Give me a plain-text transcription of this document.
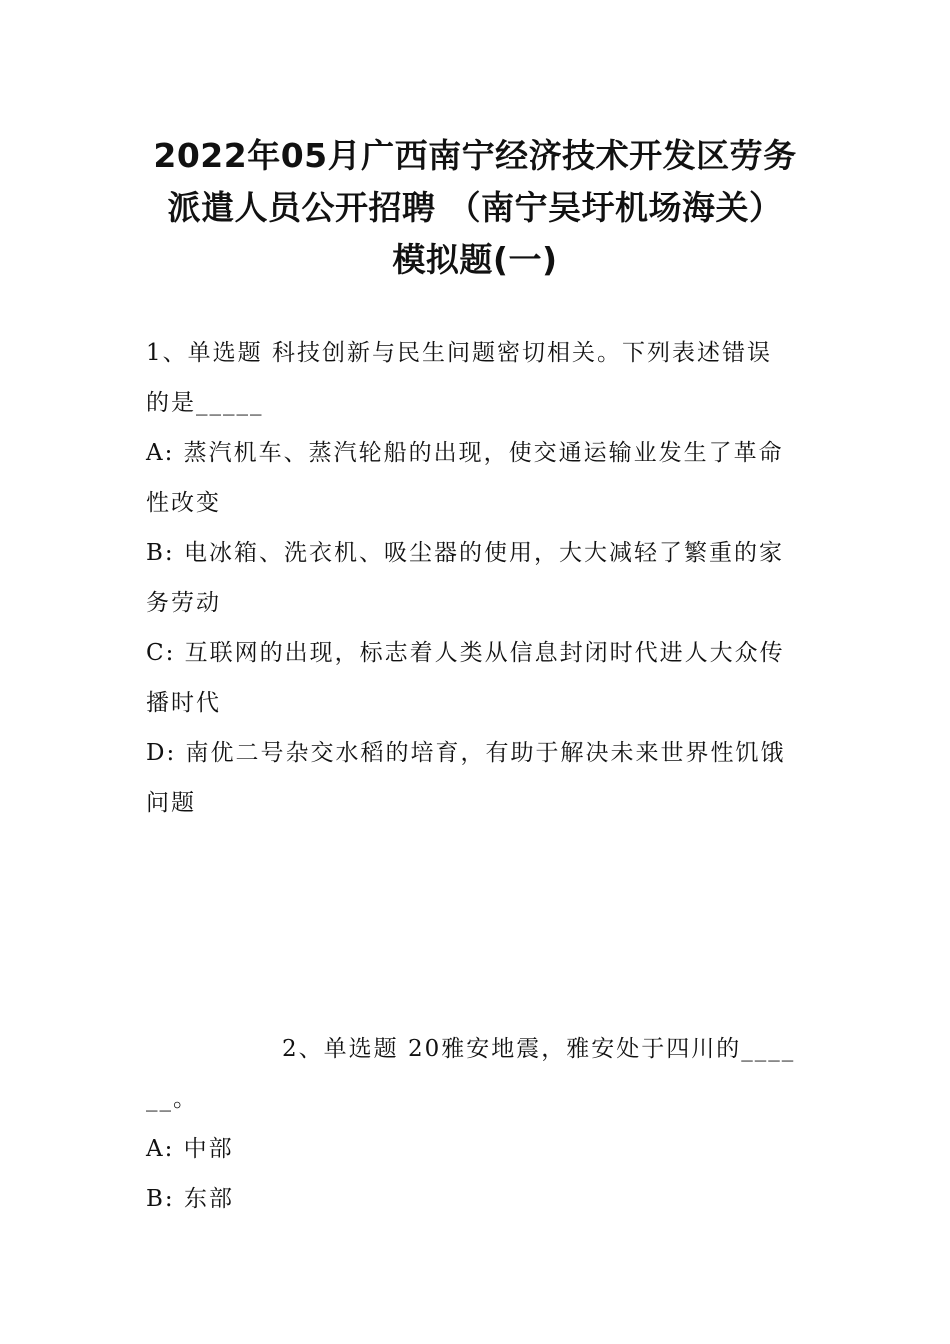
2022年05月广西南宁经济技术开发区劳务
派遣人员公开招聘 （南宁吴圩机场海关）
模拟题(一)
1、单选题 科技创新与民生问题密切相关。下列表述错误
的是_____
A: 蒸汽机车、蒸汽轮船的出现，使交通运输业发生了革命
性改变
B: 电冰箱、洗衣机、吸尘器的使用，大大减轻了繁重的家
务劳动
C: 互联网的出现，标志着人类从信息封闭时代进人大众传
播时代
D: 南优二号杂交水稻的培育，有助于解决未来世界性饥饿
问题
2、单选题 20雅安地震，雅安处于四川的____
__。
A: 中部
B: 东部
